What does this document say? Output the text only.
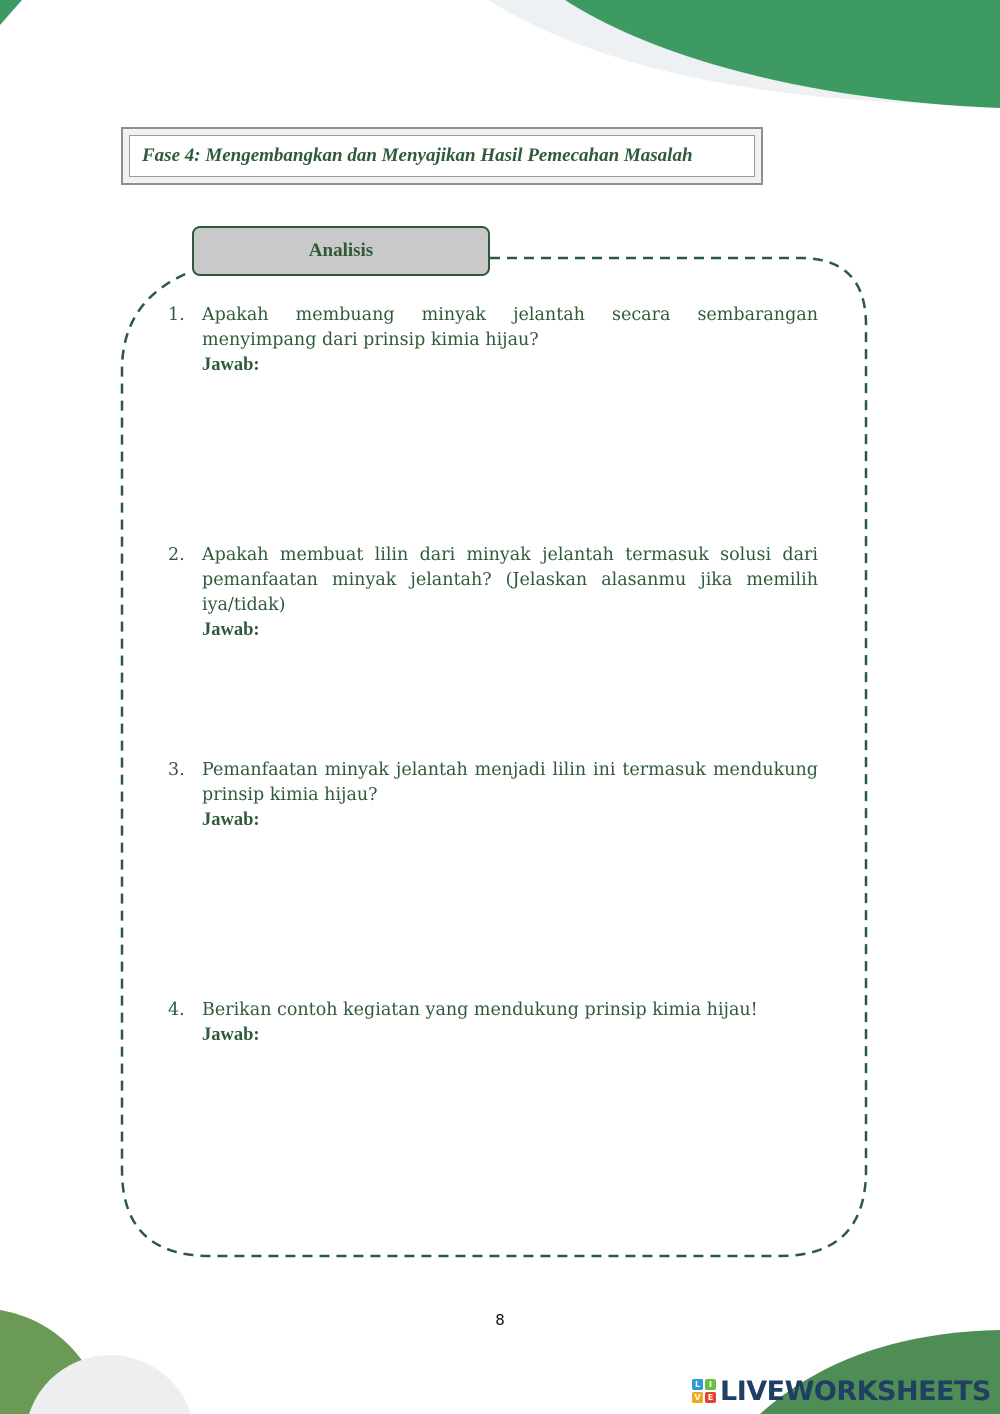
Fase 4: Mengembangkan dan Menyajikan Hasil Pemecahan Masalah
Analisis
1. Apakah membuang minyak jelantah secara sembarangan menyimpang dari prinsip kimia hijau?
Jawab:
2. Apakah membuat lilin dari minyak jelantah termasuk solusi dari pemanfaatan minyak jelantah? (Jelaskan alasanmu jika memilih iya/tidak)
Jawab:
3. Pemanfaatan minyak jelantah menjadi lilin ini termasuk mendukung prinsip kimia hijau?
Jawab:
4. Berikan contoh kegiatan yang mendukung prinsip kimia hijau!
Jawab:
8
L	I
V E LIVEWORKSHEETS
